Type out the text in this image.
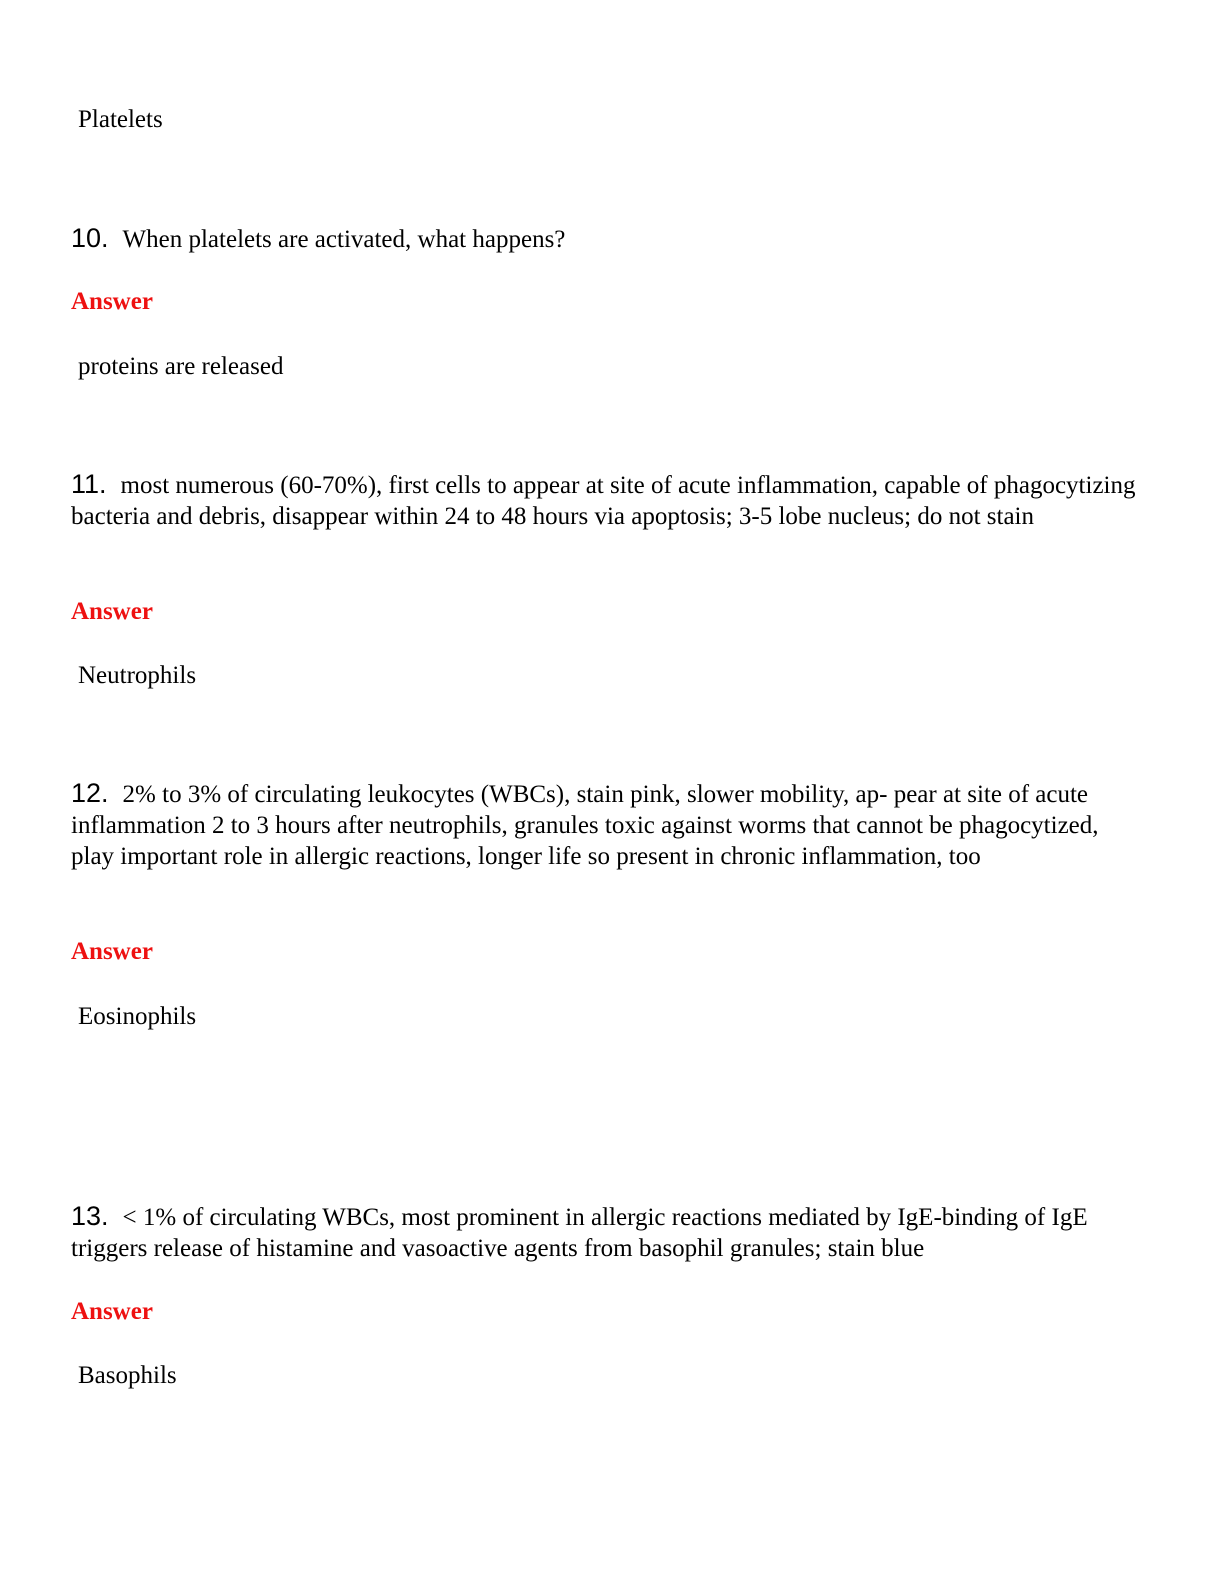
Platelets
10. When platelets are activated, what happens?
Answer
proteins are released
11. most numerous (60-70%), first cells to appear at site of acute inflammation, capable of phagocytizing bacteria and debris, disappear within 24 to 48 hours via apoptosis; 3-5 lobe nucleus; do not stain
Answer
Neutrophils
12. 2% to 3% of circulating leukocytes (WBCs), stain pink, slower mobility, ap- pear at site of acute inflammation 2 to 3 hours after neutrophils, granules toxic against worms that cannot be phagocytized, play important role in allergic reactions, longer life so present in chronic inflammation, too
Answer
Eosinophils
13. < 1% of circulating WBCs, most prominent in allergic reactions mediated by IgE-binding of IgE triggers release of histamine and vasoactive agents from basophil granules; stain blue
Answer
Basophils
